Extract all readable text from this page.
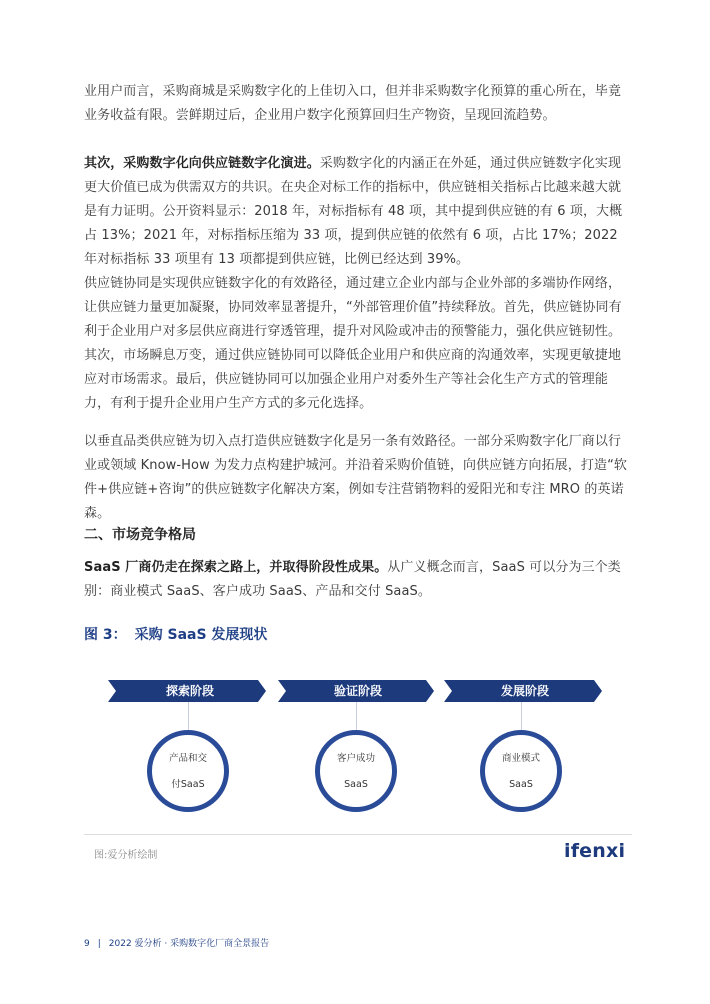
业用户而言，采购商城是采购数字化的上佳切入口，但并非采购数字化预算的重心所在，毕竟业务收益有限。尝鲜期过后，企业用户数字化预算回归生产物资，呈现回流趋势。

其次，采购数字化向供应链数字化演进。采购数字化的内涵正在外延，通过供应链数字化实现更大价值已成为供需双方的共识。在央企对标工作的指标中，供应链相关指标占比越来越大就是有力证明。公开资料显示：2018 年，对标指标有 48 项，其中提到供应链的有 6 项，大概占 13%；2021 年，对标指标压缩为 33 项，提到供应链的依然有 6 项，占比 17%；2022 年对标指标 33 项里有 13 项都提到供应链，比例已经达到 39%。

供应链协同是实现供应链数字化的有效路径，通过建立企业内部与企业外部的多端协作网络，让供应链力量更加凝聚，协同效率显著提升，“外部管理价值”持续释放。首先，供应链协同有利于企业用户对多层供应商进行穿透管理，提升对风险或冲击的预警能力，强化供应链韧性。其次，市场瞬息万变，通过供应链协同可以降低企业用户和供应商的沟通效率，实现更敏捷地应对市场需求。最后，供应链协同可以加强企业用户对委外生产等社会化生产方式的管理能力，有利于提升企业用户生产方式的多元化选择。

以垂直品类供应链为切入点打造供应链数字化是另一条有效路径。一部分采购数字化厂商以行业或领域 Know-How 为发力点构建护城河。并沿着采购价值链，向供应链方向拓展，打造“软件+供应链+咨询”的供应链数字化解决方案，例如专注营销物料的爱阳光和专注 MRO 的英诺森。

二、市场竞争格局

SaaS 厂商仍走在探索之路上，并取得阶段性成果。从广义概念而言，SaaS 可以分为三个类别：商业模式 SaaS、客户成功 SaaS、产品和交付 SaaS。

图 3： 采购 SaaS 发展现状
探索阶段	验证阶段	发展阶段
产品和交

付SaaS
客户成功

SaaS
商业模式

SaaS
图:爱分析绘制	ifenxi
9 | 2022 爱分析 · 采购数字化厂商全景报告
